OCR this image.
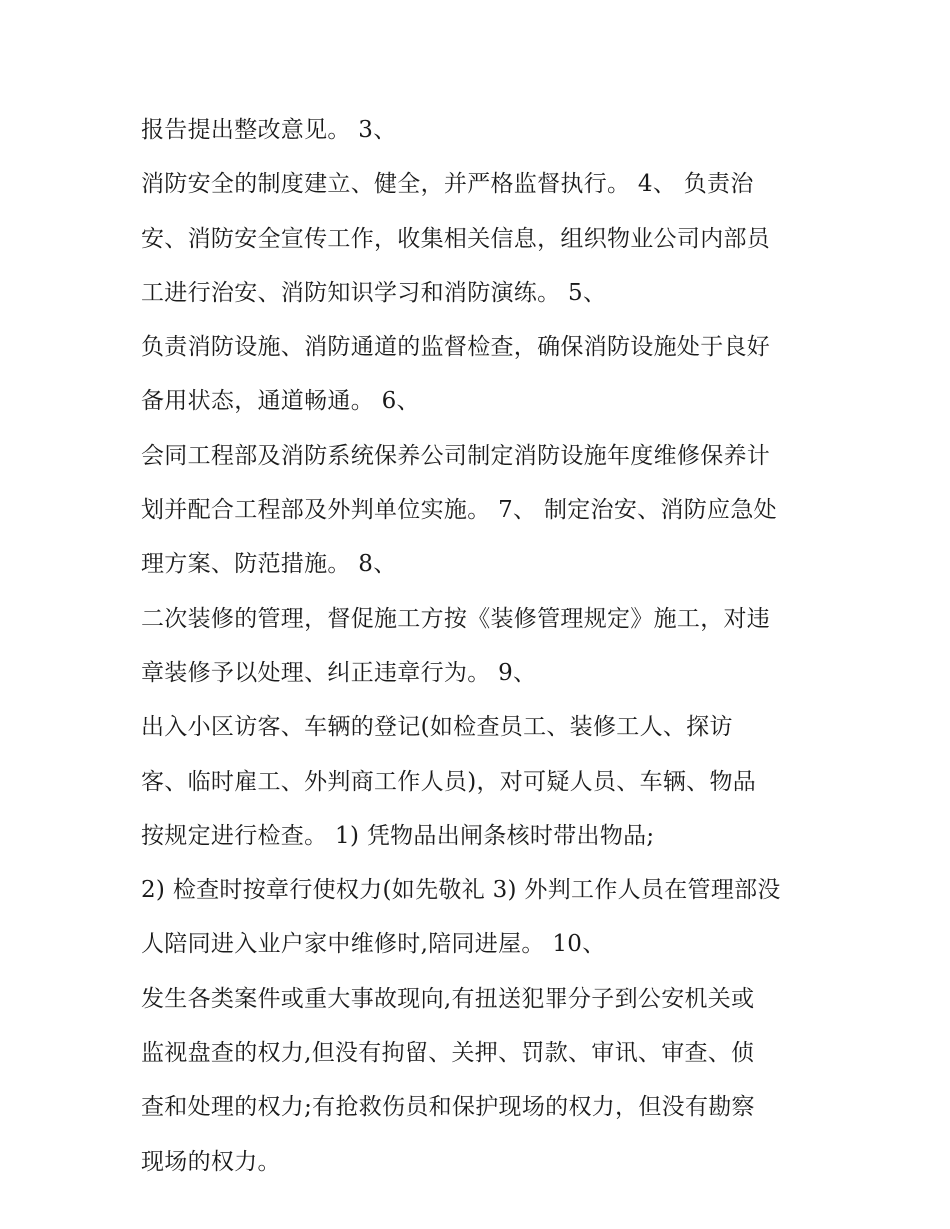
报告提出整改意见。 3、
消防安全的制度建立、健全，并严格监督执行。 4、 负责治
安、消防安全宣传工作，收集相关信息，组织物业公司内部员
工进行治安、消防知识学习和消防演练。 5、
负责消防设施、消防通道的监督检查，确保消防设施处于良好
备用状态，通道畅通。 6、
会同工程部及消防系统保养公司制定消防设施年度维修保养计
划并配合工程部及外判单位实施。 7、 制定治安、消防应急处
理方案、防范措施。 8、
二次装修的管理，督促施工方按《装修管理规定》施工，对违
章装修予以处理、纠正违章行为。 9、
出入小区访客、车辆的登记(如检查员工、装修工人、探访
客、临时雇工、外判商工作人员)，对可疑人员、车辆、物品
按规定进行检查。 1) 凭物品出闸条核时带出物品;
2) 检查时按章行使权力(如先敬礼 3) 外判工作人员在管理部没
人陪同进入业户家中维修时,陪同进屋。 10、
发生各类案件或重大事故现向,有扭送犯罪分子到公安机关或
监视盘查的权力,但没有拘留、关押、罚款、审讯、审查、侦
查和处理的权力;有抢救伤员和保护现场的权力，但没有勘察
现场的权力。
